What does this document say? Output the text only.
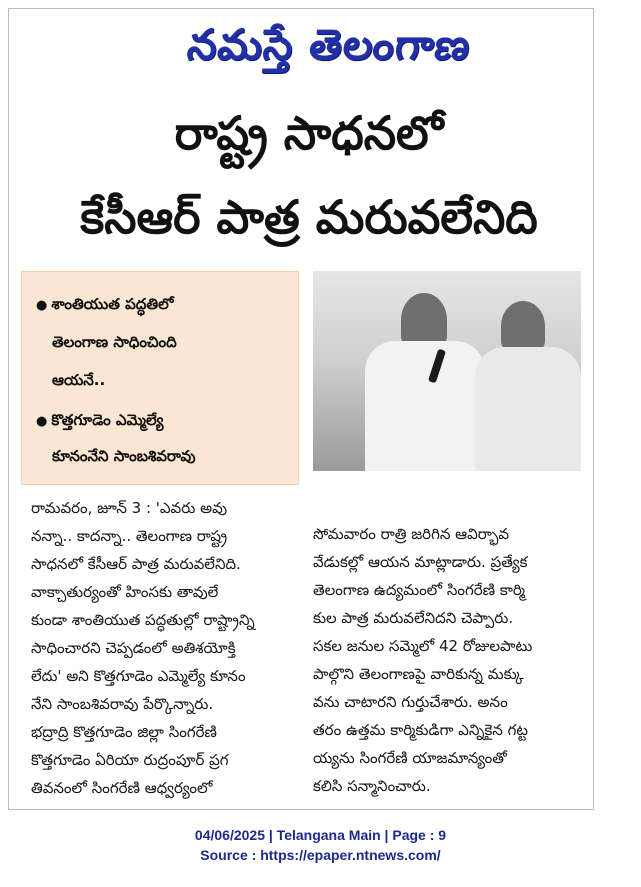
నమస్తే తెలంగాణ
రాష్ట్ర సాధనలో
కేసీఆర్ పాత్ర మరువలేనిది
● శాంతియుత పద్ధతిలో
తెలంగాణ సాధించింది
ఆయనే..
● కొత్తగూడెం ఎమ్మెల్యే
కూనంనేని సాంబశివరావు
రామవరం, జూన్ 3 : 'ఎవరు అవు
నన్నా.. కాదన్నా.. తెలంగాణ రాష్ట్ర
సాధనలో కేసీఆర్ పాత్ర మరువలేనిది.
వాక్చాతుర్యంతో హింసకు తావులే
కుండా శాంతియుత పద్ధతుల్లో రాష్ట్రాన్ని
సాధించారని చెప్పడంలో అతిశయోక్తి
లేదు' అని కొత్తగూడెం ఎమ్మెల్యే కూనం
నేని సాంబశివరావు పేర్కొన్నారు.
భద్రాద్రి కొత్తగూడెం జిల్లా సింగరేణి
కొత్తగూడెం ఏరియా రుద్రంపూర్ ప్రగ
తివనంలో సింగరేణి ఆధ్వర్యంలో
సోమవారం రాత్రి జరిగిన ఆవిర్భావ
వేడుకల్లో ఆయన మాట్లాడారు. ప్రత్యేక
తెలంగాణ ఉద్యమంలో సింగరేణి కార్మి
కుల పాత్ర మరువలేనిదని చెప్పారు.
సకల జనుల సమ్మెలో 42 రోజులపాటు
పాల్గొని తెలంగాణపై వారికున్న మక్కు
వను చాటారని గుర్తుచేశారు. అనం
తరం ఉత్తమ కార్మికుడిగా ఎన్నికైన గట్ట
య్యను సింగరేణి యాజమాన్యంతో
కలిసి సన్మానించారు.
04/06/2025 | Telangana Main | Page : 9
Source : https://epaper.ntnews.com/
